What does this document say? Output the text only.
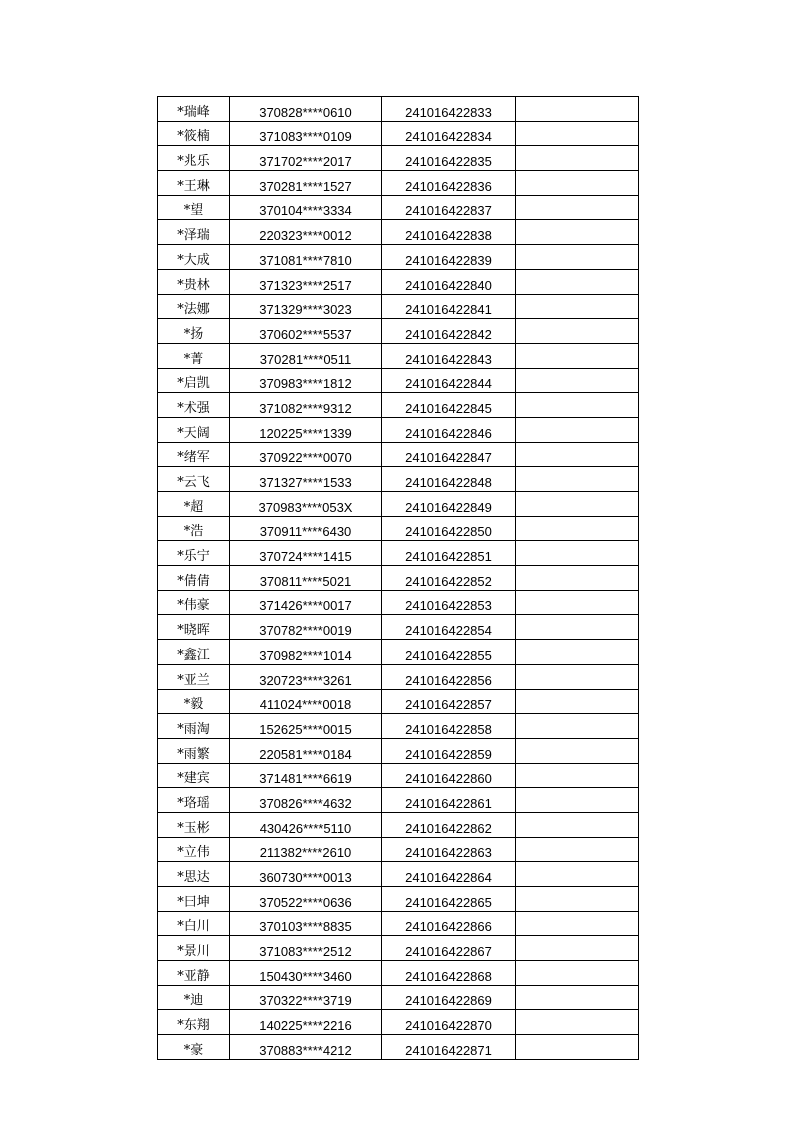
*瑞峰	370828****0610	241016422833	
*筱楠	371083****0109	241016422834	
*兆乐	371702****2017	241016422835	
*王琳	370281****1527	241016422836	
*望	370104****3334	241016422837	
*泽瑞	220323****0012	241016422838	
*大成	371081****7810	241016422839	
*贵林	371323****2517	241016422840	
*法娜	371329****3023	241016422841	
*扬	370602****5537	241016422842	
*菁	370281****0511	241016422843	
*启凯	370983****1812	241016422844	
*术强	371082****9312	241016422845	
*天阔	120225****1339	241016422846	
*绪军	370922****0070	241016422847	
*云飞	371327****1533	241016422848	
*超	370983****053X	241016422849	
*浩	370911****6430	241016422850	
*乐宁	370724****1415	241016422851	
*倩倩	370811****5021	241016422852	
*伟豪	371426****0017	241016422853	
*晓晖	370782****0019	241016422854	
*鑫江	370982****1014	241016422855	
*亚兰	320723****3261	241016422856	
*毅	411024****0018	241016422857	
*雨淘	152625****0015	241016422858	
*雨繁	220581****0184	241016422859	
*建宾	371481****6619	241016422860	
*珞瑶	370826****4632	241016422861	
*玉彬	430426****5110	241016422862	
*立伟	211382****2610	241016422863	
*思达	360730****0013	241016422864	
*曰坤	370522****0636	241016422865	
*白川	370103****8835	241016422866	
*景川	371083****2512	241016422867	
*亚静	150430****3460	241016422868	
*迪	370322****3719	241016422869	
*东翔	140225****2216	241016422870	
*豪	370883****4212	241016422871	
